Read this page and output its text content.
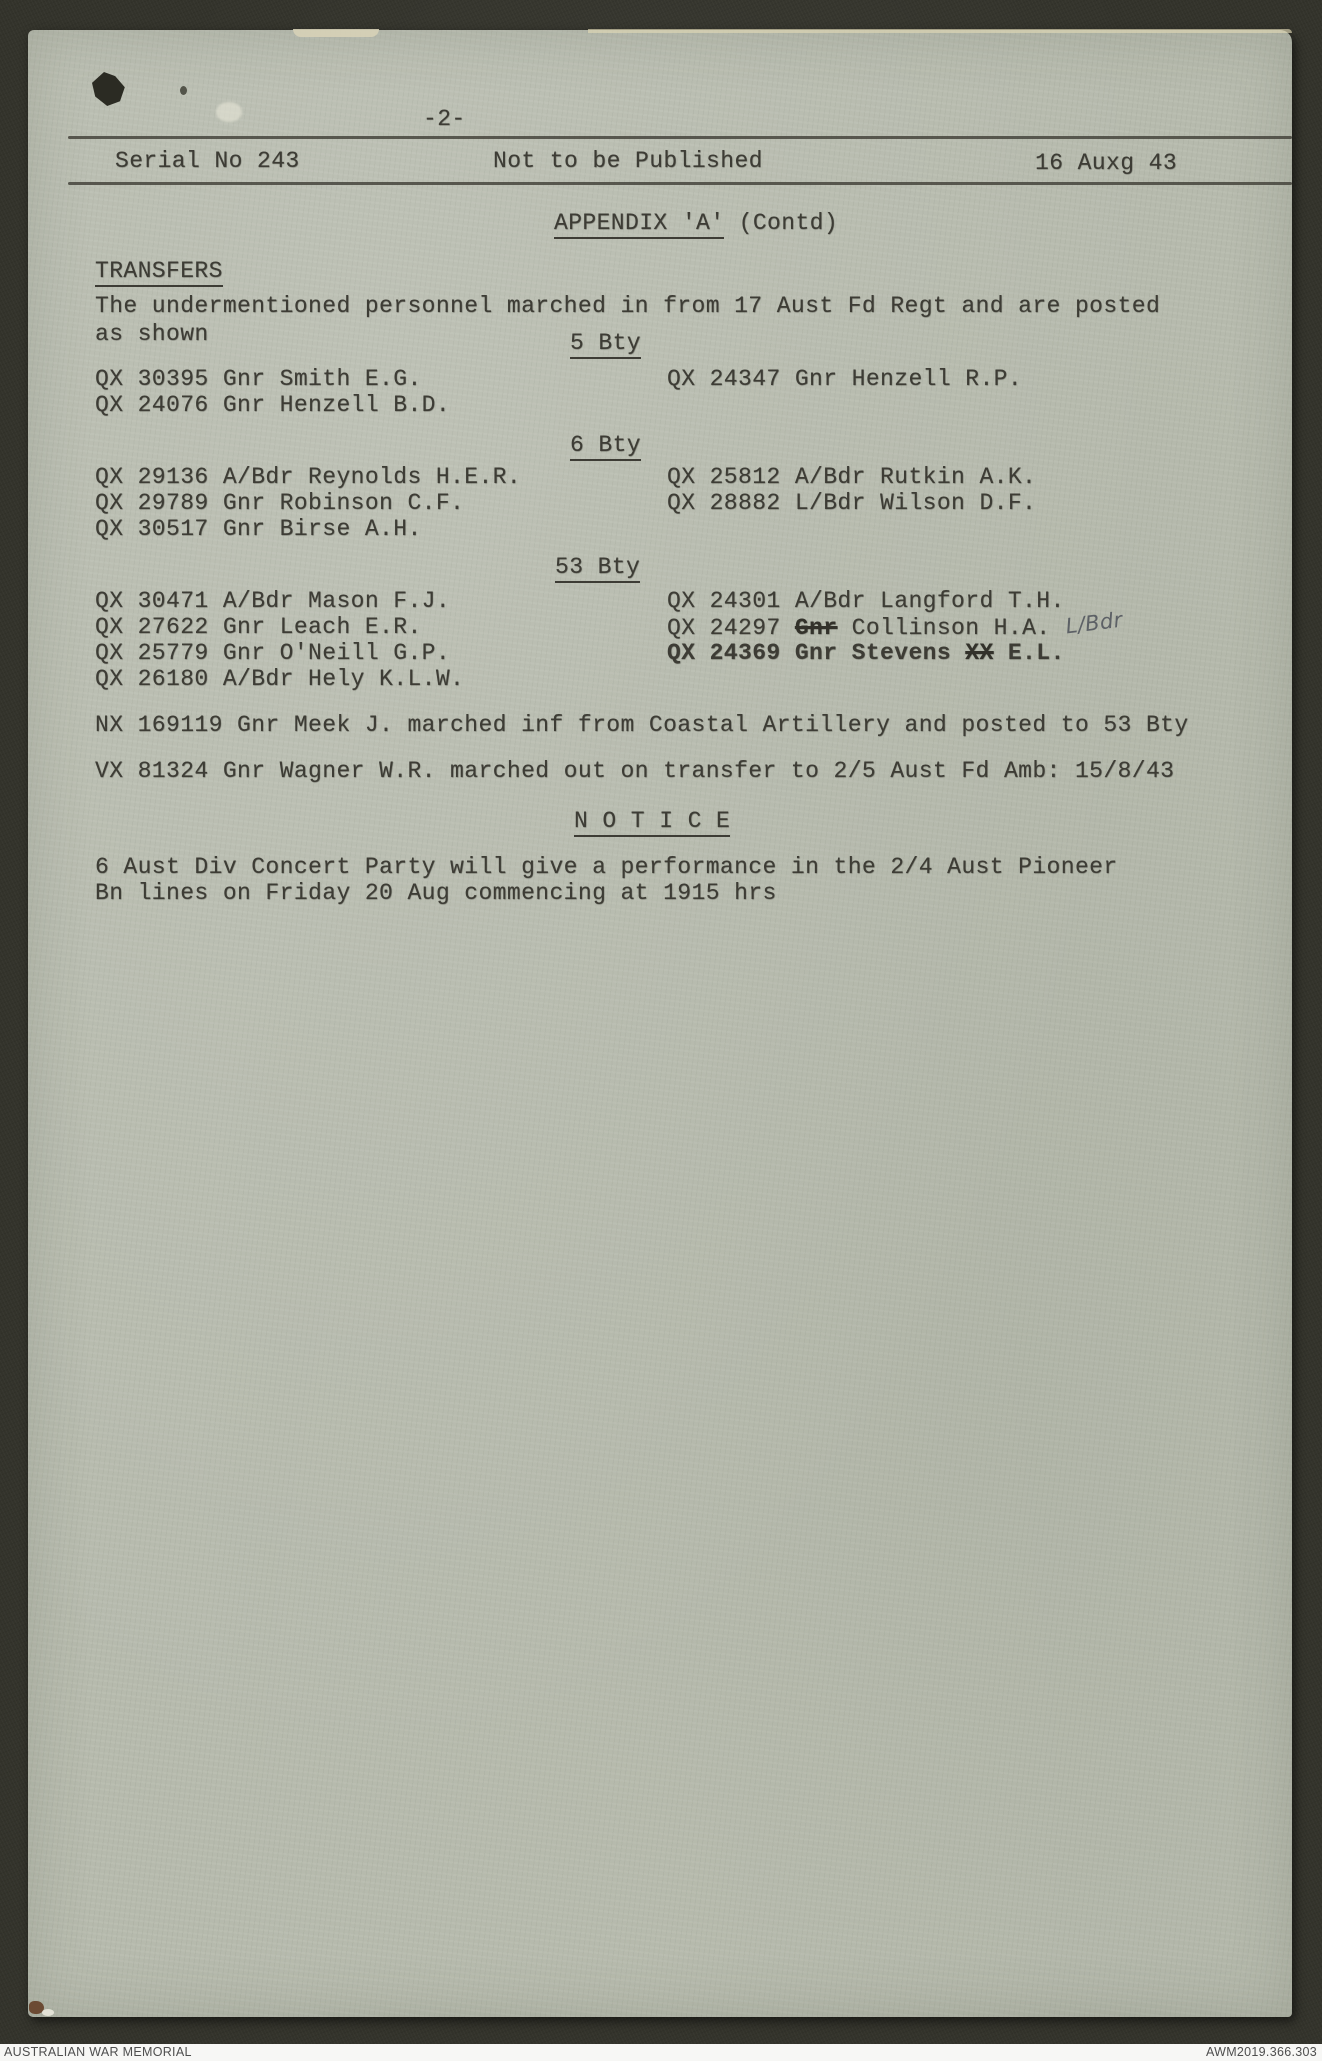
-2-
Serial No 243	Not to be Published	16 Auxg 43
APPENDIX 'A' (Contd)
TRANSFERS
The undermentioned personnel marched in from 17 Aust Fd Regt and are posted
as shown	5 Bty
QX 30395 Gnr Smith E.G.	QX 24347 Gnr Henzell R.P.
QX 24076 Gnr Henzell B.D.
6 Bty
QX 29136 A/Bdr Reynolds H.E.R.	QX 25812 A/Bdr Rutkin A.K.
QX 29789 Gnr Robinson C.F.	QX 28882 L/Bdr Wilson D.F.
QX 30517 Gnr Birse A.H.
53 Bty
QX 30471 A/Bdr Mason F.J.	QX 24301 A/Bdr Langford T.H.
QX 27622 Gnr Leach E.R.	QX 24297 Gnr Collinson H.A. L/Bdr
QX 25779 Gnr O'Neill G.P.	QX 24369 Gnr Stevens XX E.L.
QX 26180 A/Bdr Hely K.L.W.
NX 169119 Gnr Meek J. marched inf from Coastal Artillery and posted to 53 Bty
VX 81324 Gnr Wagner W.R. marched out on transfer to 2/5 Aust Fd Amb: 15/8/43
N O T I C E
6 Aust Div Concert Party will give a performance in the 2/4 Aust Pioneer
Bn lines on Friday 20 Aug commencing at 1915 hrs
AUSTRALIAN WAR MEMORIAL	AWM2019.366.303
